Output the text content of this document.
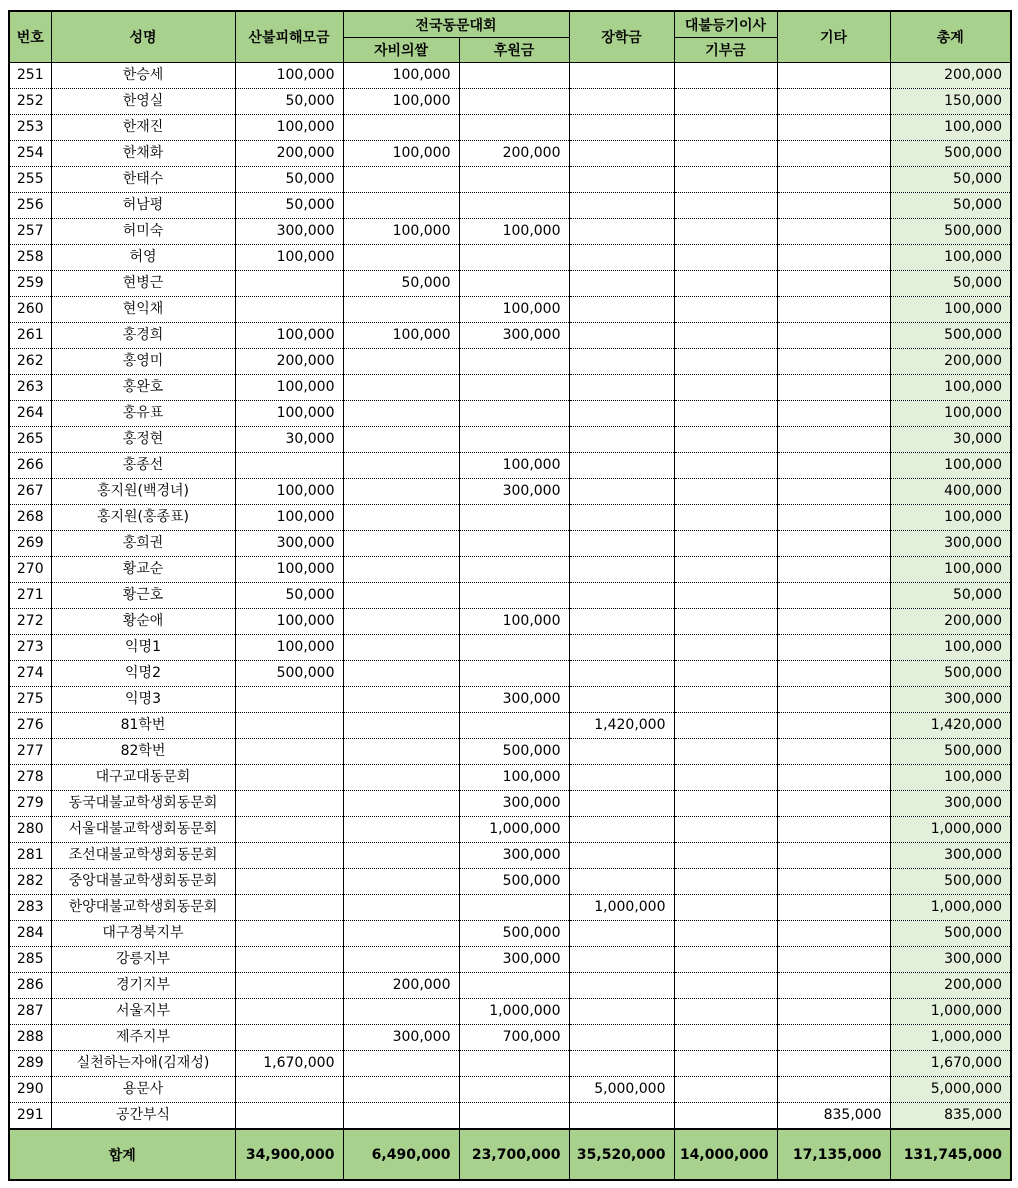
번호	성명	산불피해모금	전국동문대회		장학금	대불등기이사	기타	총계
			자비의쌀	후원금		기부금		
251	한승세	100,000	100,000					200,000
252	한영실	50,000	100,000					150,000
253	한재진	100,000						100,000
254	한채화	200,000	100,000	200,000				500,000
255	한태수	50,000						50,000
256	허남평	50,000						50,000
257	허미숙	300,000	100,000	100,000				500,000
258	허영	100,000						100,000
259	현병근		50,000					50,000
260	현익채			100,000				100,000
261	홍경희	100,000	100,000	300,000				500,000
262	홍영미	200,000						200,000
263	홍완호	100,000						100,000
264	홍유표	100,000						100,000
265	홍정현	30,000						30,000
266	홍종선			100,000				100,000
267	홍지원(백경녀)	100,000		300,000				400,000
268	홍지원(홍종표)	100,000						100,000
269	홍희권	300,000						300,000
270	황교순	100,000						100,000
271	황근호	50,000						50,000
272	황순애	100,000		100,000				200,000
273	익명1	100,000						100,000
274	익명2	500,000						500,000
275	익명3			300,000				300,000
276	81학번				1,420,000			1,420,000
277	82학번			500,000				500,000
278	대구교대동문회			100,000				100,000
279	동국대불교학생회동문회			300,000				300,000
280	서울대불교학생회동문회			1,000,000				1,000,000
281	조선대불교학생회동문회			300,000				300,000
282	중앙대불교학생회동문회			500,000				500,000
283	한양대불교학생회동문회				1,000,000			1,000,000
284	대구경북지부			500,000				500,000
285	강릉지부			300,000				300,000
286	경기지부		200,000					200,000
287	서울지부			1,000,000				1,000,000
288	제주지부		300,000	700,000				1,000,000
289	실천하는자애(김재성)	1,670,000						1,670,000
290	용문사				5,000,000			5,000,000
291	공간부식						835,000	835,000
합계		34,900,000	6,490,000	23,700,000	35,520,000	14,000,000	17,135,000	131,745,000
